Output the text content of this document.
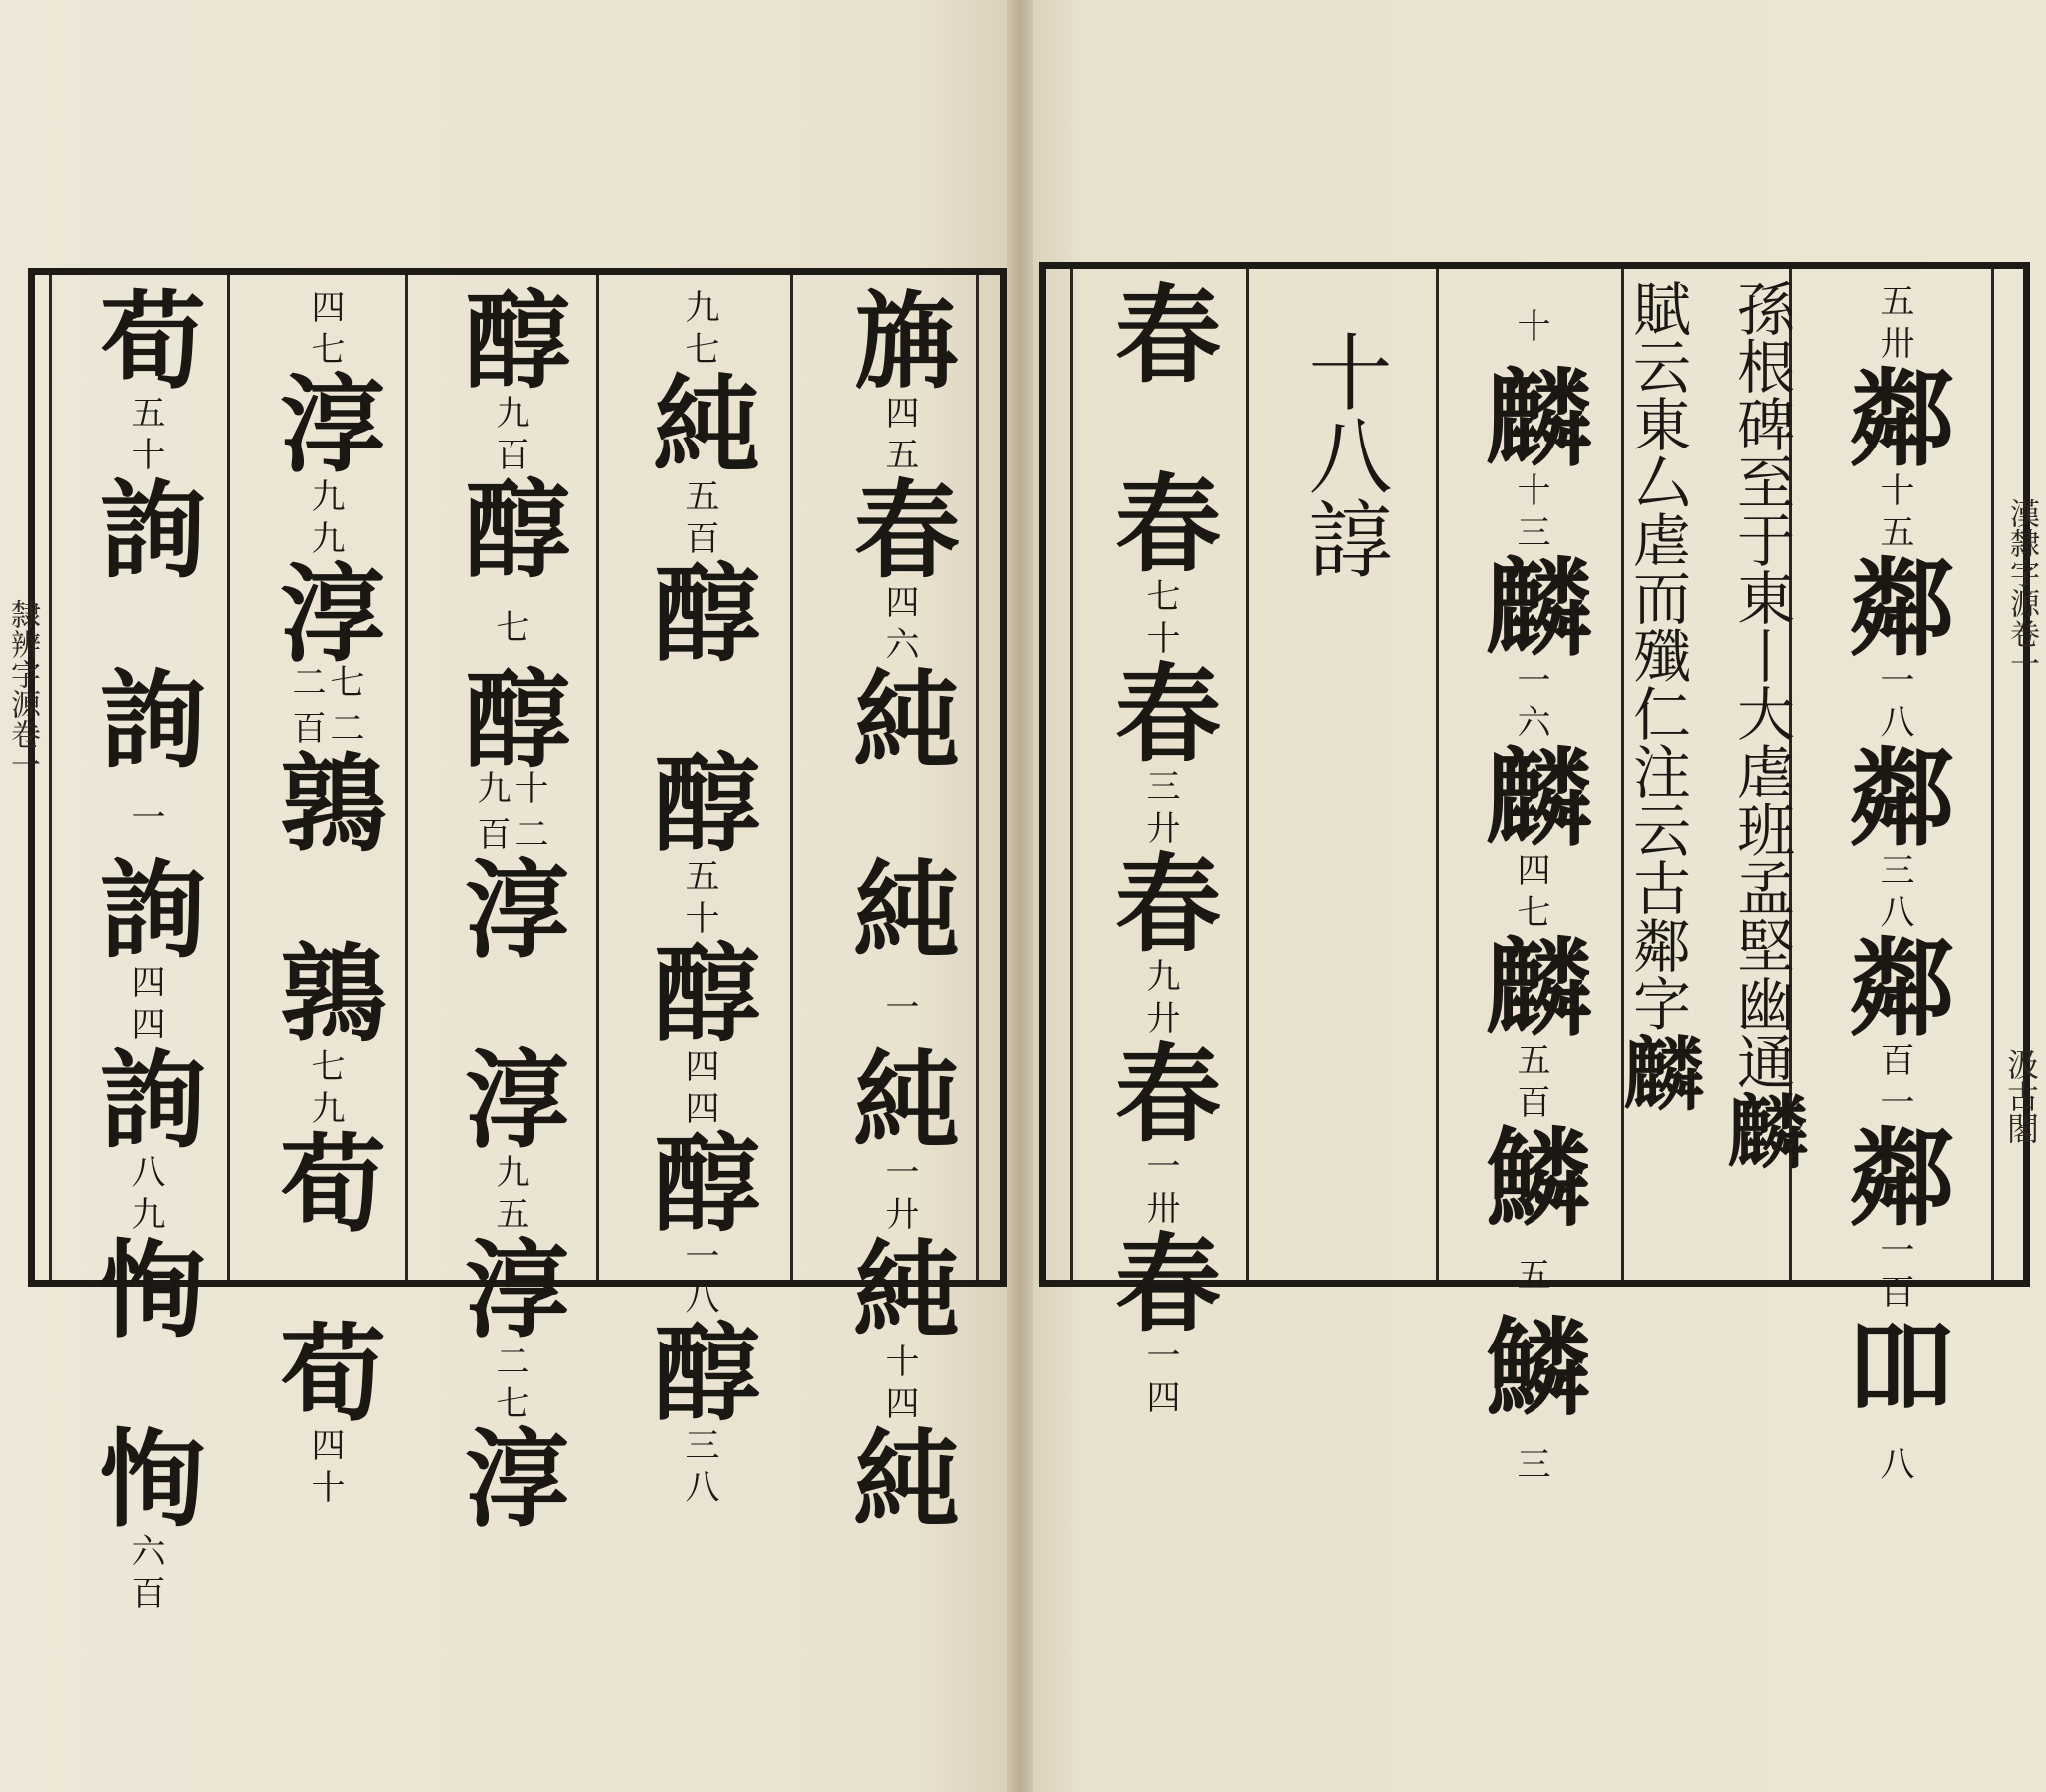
㫋
五
四
春
六
四
純
純
一
純
廾
一
純
四
十
純
七
九
純
百
五
醇
醇
十
五
醇
四
四
醇
八
一
醇
八
三
醇
百
九
醇
七
醇
二百
十九
淳
淳
五
九
淳
七
二
淳
七
四
淳
九
九
淳
二百
七二
鶉
鶉
九
七
荀
荀
十
四
荀
十
五
詢
詢
一
詢
四
四
詢
九
八
恂
恂
百
六
隸辨字源卷一
春
春
十
七
春
廾
三
春
廾
九
春
卅
一
春
四
一
十八諄
十
麟
三
十
麟
六
一
麟
七
四
麟
百
五
鱗
五
鱗
三
孫根碑至于東丨大虐班孟堅幽通
麟
賦云東厶虐而殲仁注云古鄰字
麟
卅
五
鄰
五
十
鄰
八
一
鄰
八
三
鄰
一
百
鄰
百
一
吅
八
漢隸字源卷一
汲古閣
